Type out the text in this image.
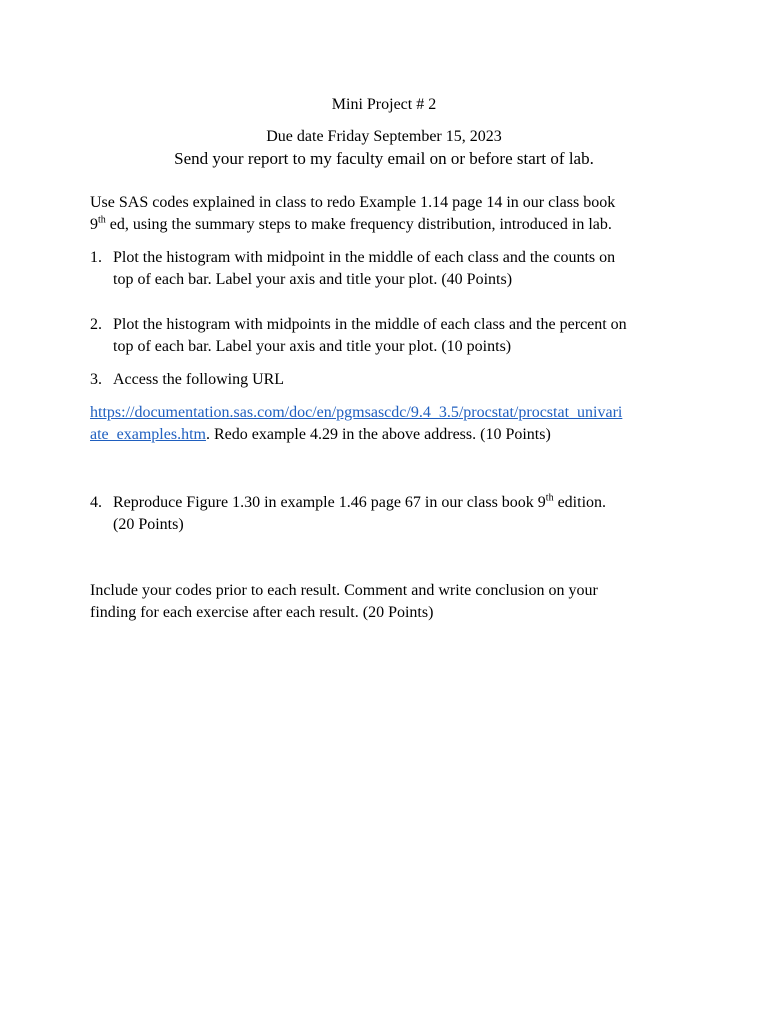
Mini Project # 2
Due date Friday September 15, 2023
Send your report to my faculty email on or before start of lab.
Use SAS codes explained in class to redo Example 1.14 page 14 in our class book
9th ed, using the summary steps to make frequency distribution, introduced in lab.
1. Plot the histogram with midpoint in the middle of each class and the counts on
top of each bar. Label your axis and title your plot. (40 Points)
2. Plot the histogram with midpoints in the middle of each class and the percent on
top of each bar. Label your axis and title your plot. (10 points)
3. Access the following URL
https://documentation.sas.com/doc/en/pgmsascdc/9.4_3.5/procstat/procstat_univari
ate_examples.htm. Redo example 4.29 in the above address. (10 Points)
4. Reproduce Figure 1.30 in example 1.46 page 67 in our class book 9th edition.
(20 Points)
Include your codes prior to each result. Comment and write conclusion on your
finding for each exercise after each result. (20 Points)
